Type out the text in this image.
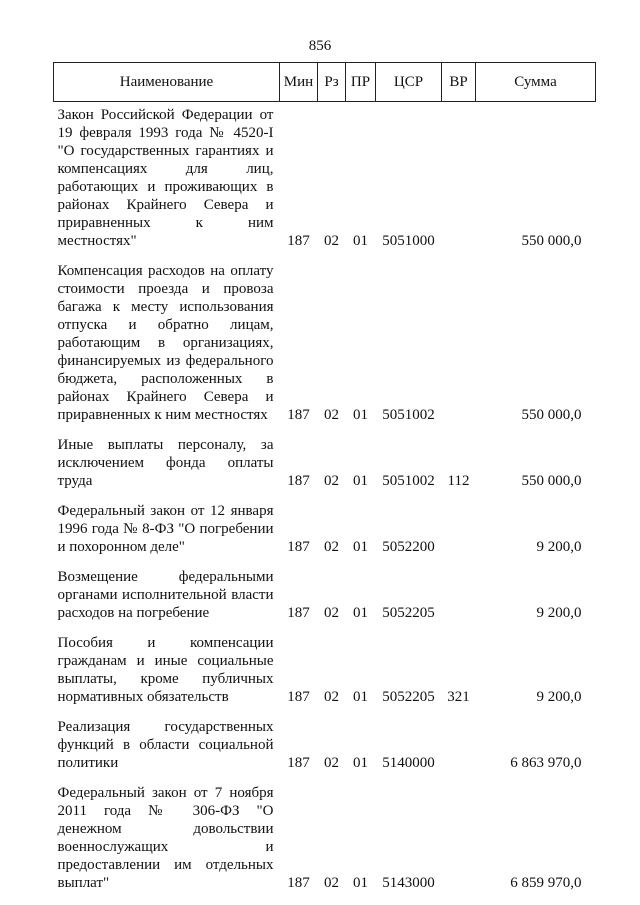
856
Наименование	Мин	Рз	ПР	ЦСР	ВР	Сумма

Закон Российской Федерации от 19 февраля 1993 года № 4520-I "О государственных гарантиях и компенсациях для лиц, работающих и проживающих в районах Крайнего Севера и приравненных к ним местностях"	187	02	01	5051000		550 000,0

Компенсация расходов на оплату стоимости проезда и провоза багажа к месту использования отпуска и обратно лицам, работающим в организациях, финансируемых из федерального бюджета, расположенных в районах Крайнего Севера и приравненных к ним местностях	187	02	01	5051002		550 000,0

Иные выплаты персоналу, за исключением фонда оплаты труда	187	02	01	5051002	112	550 000,0

Федеральный закон от 12 января 1996 года № 8-ФЗ "О погребении и похоронном деле"	187	02	01	5052200		9 200,0

Возмещение федеральными органами исполнительной власти расходов на погребение	187	02	01	5052205		9 200,0

Пособия и компенсации гражданам и иные социальные выплаты, кроме публичных нормативных обязательств	187	02	01	5052205	321	9 200,0

Реализация государственных функций в области социальной политики	187	02	01	5140000		6 863 970,0

Федеральный закон от 7 ноября 2011 года № 306-ФЗ "О денежном довольствии военнослужащих и предоставлении им отдельных выплат"	187	02	01	5143000		6 859 970,0
